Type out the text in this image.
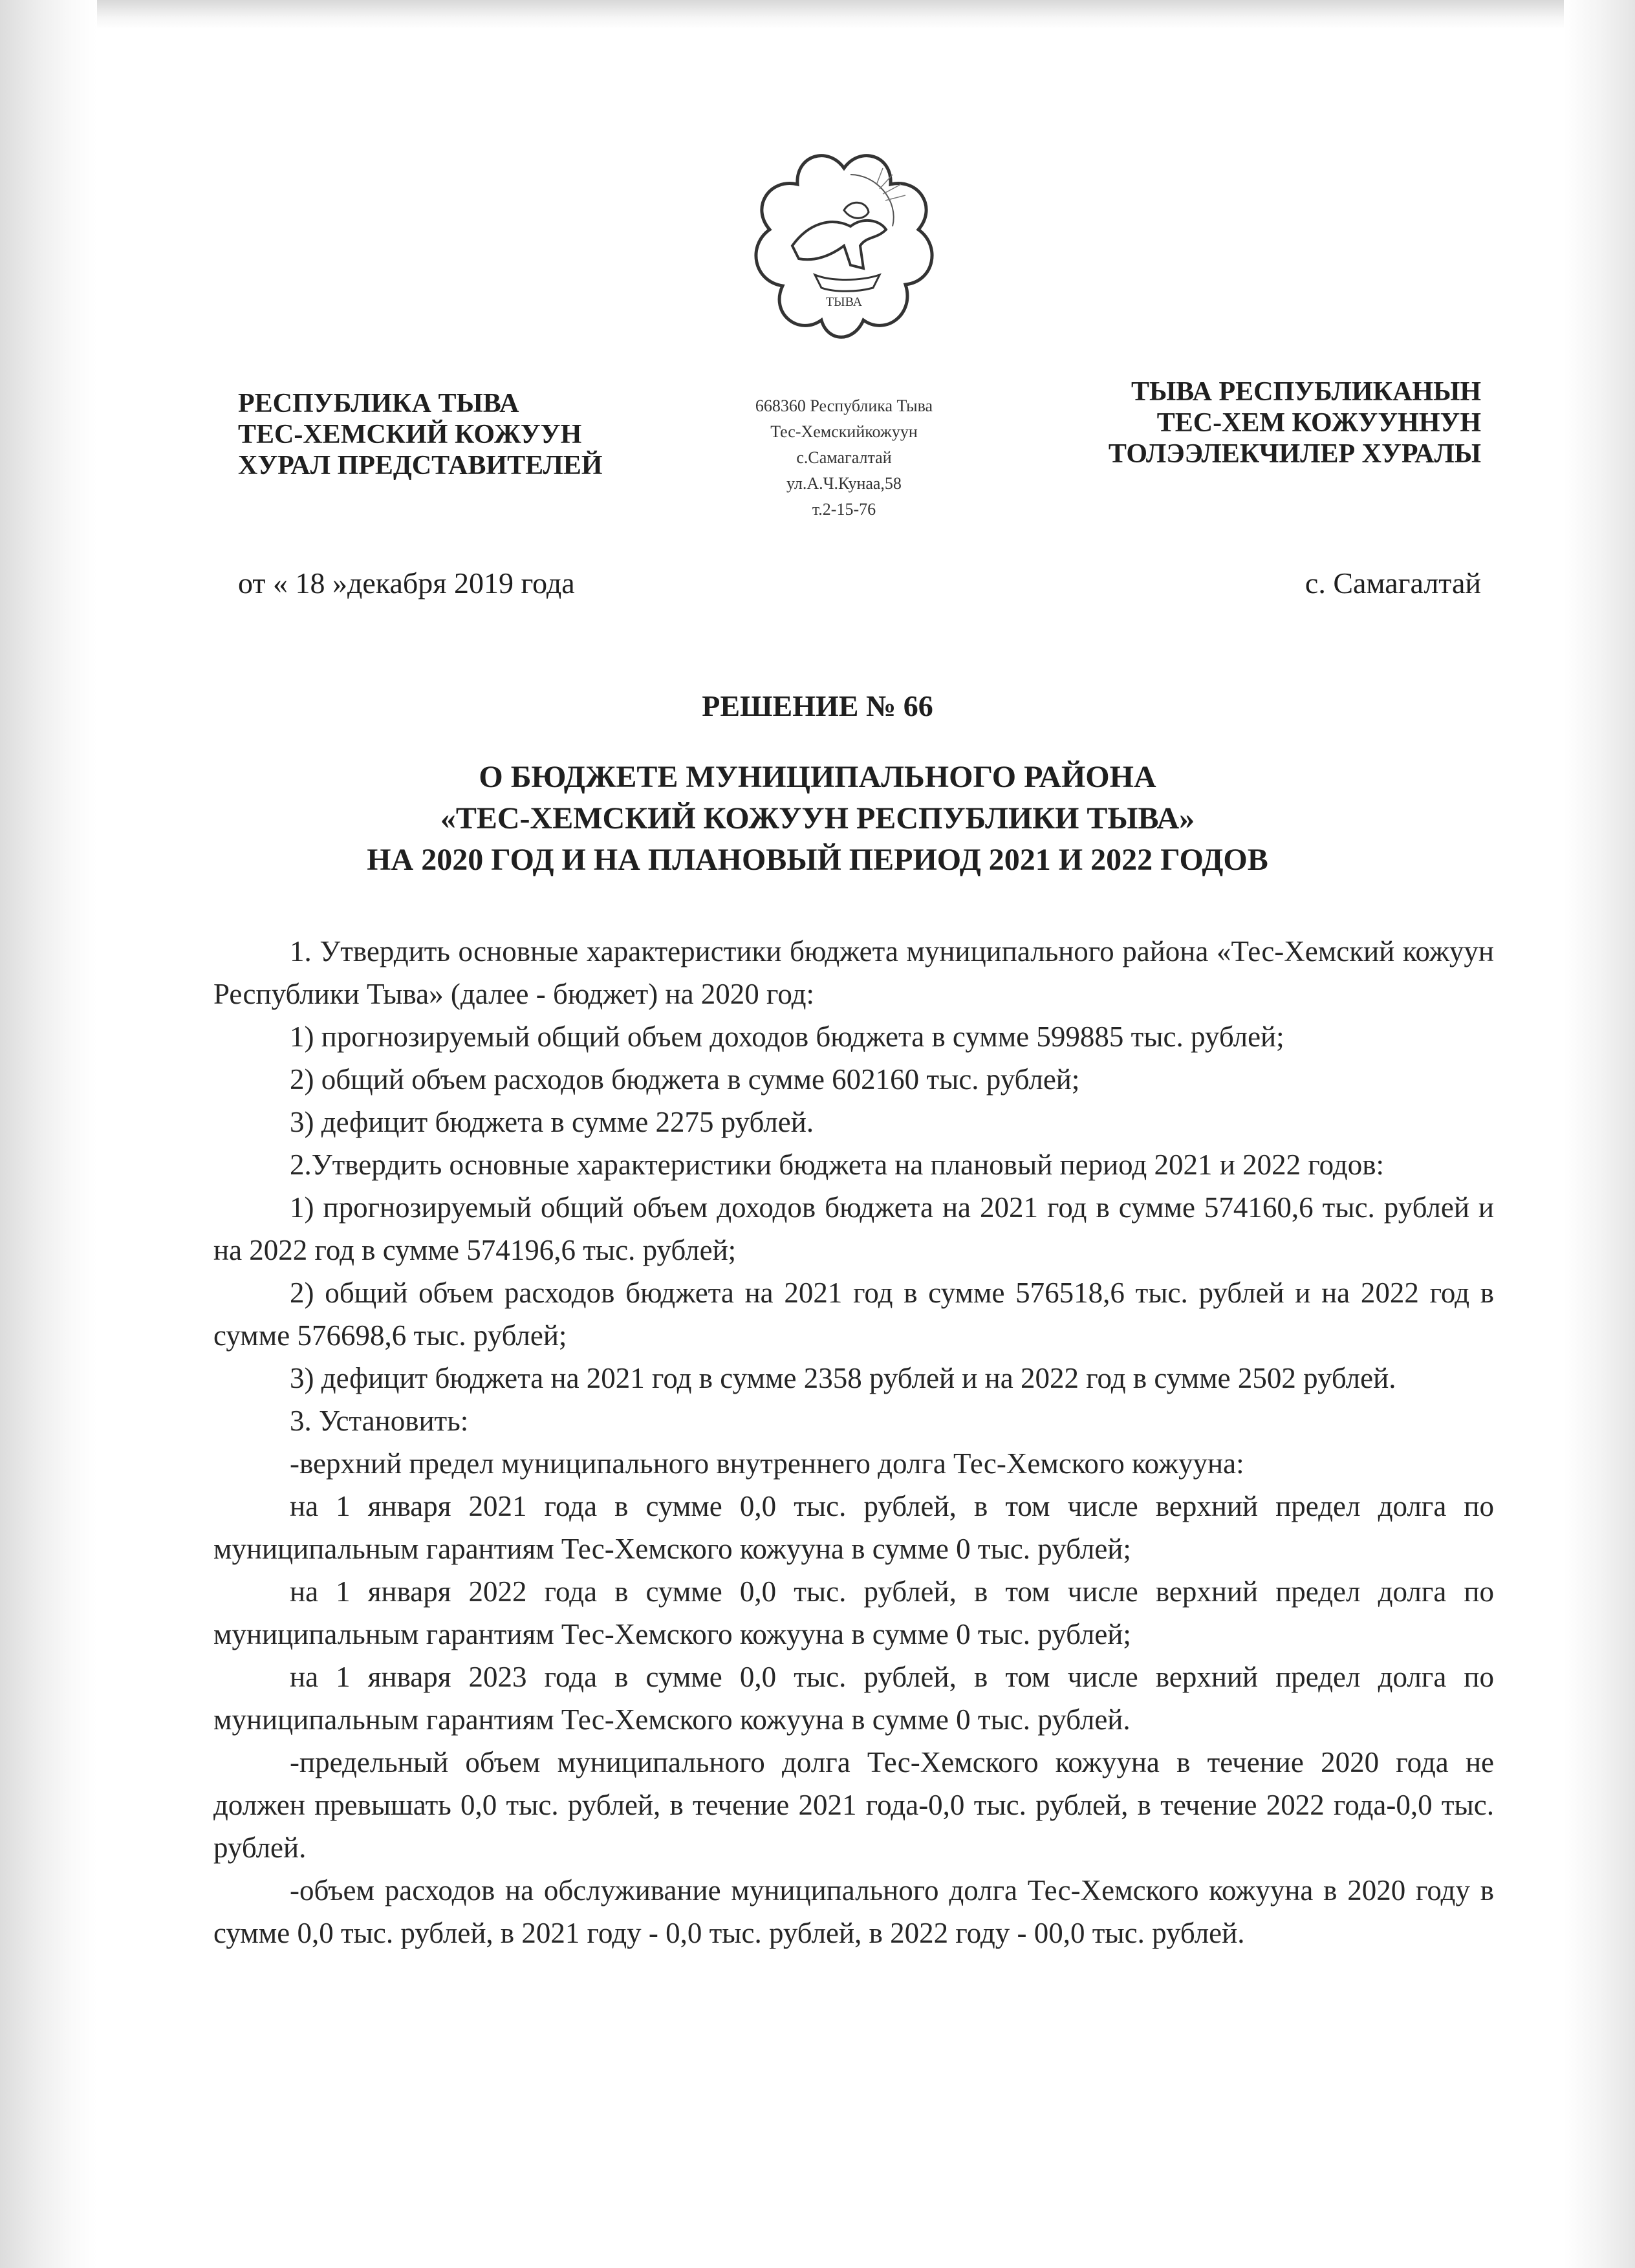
ТЫВА
РЕСПУБЛИКА ТЫВА
ТЕС-ХЕМСКИЙ КОЖУУН
ХУРАЛ ПРЕДСТАВИТЕЛЕЙ
668360 Республика Тыва
Тес-Хемскийкожуун
с.Самагалтай
ул.А.Ч.Кунаа,58
т.2-15-76
ТЫВА РЕСПУБЛИКАНЫН
ТЕС-ХЕМ КОЖУУННУН
ТОЛЭЭЛЕКЧИЛЕР ХУРАЛЫ
от « 18 »декабря 2019 года	с. Самагалтай
РЕШЕНИЕ № 66
О БЮДЖЕТЕ МУНИЦИПАЛЬНОГО РАЙОНА
«ТЕС-ХЕМСКИЙ КОЖУУН РЕСПУБЛИКИ ТЫВА»
НА 2020 ГОД И НА ПЛАНОВЫЙ ПЕРИОД 2021 И 2022 ГОДОВ

1. Утвердить основные характеристики бюджета муниципального района «Тес-Хемский кожуун Республики Тыва» (далее - бюджет) на 2020 год:

1) прогнозируемый общий объем доходов бюджета в сумме 599885 тыс. рублей;

2) общий объем расходов бюджета в сумме 602160 тыс. рублей;

3) дефицит бюджета в сумме 2275 рублей.

2.Утвердить основные характеристики бюджета на плановый период 2021 и 2022 годов:

1) прогнозируемый общий объем доходов бюджета на 2021 год в сумме 574160,6 тыс. рублей и на 2022 год в сумме 574196,6 тыс. рублей;

2) общий объем расходов бюджета на 2021 год в сумме 576518,6 тыс. рублей и на 2022 год в сумме 576698,6 тыс. рублей;

3) дефицит бюджета на 2021 год в сумме 2358 рублей и на 2022 год в сумме 2502 рублей.

3. Установить:

-верхний предел муниципального внутреннего долга Тес-Хемского кожууна:

на 1 января 2021 года в сумме 0,0 тыс. рублей, в том числе верхний предел долга по муниципальным гарантиям Тес-Хемского кожууна в сумме 0 тыс. рублей;

на 1 января 2022 года в сумме 0,0 тыс. рублей, в том числе верхний предел долга по муниципальным гарантиям Тес-Хемского кожууна в сумме 0 тыс. рублей;

на 1 января 2023 года в сумме 0,0 тыс. рублей, в том числе верхний предел долга по муниципальным гарантиям Тес-Хемского кожууна в сумме 0 тыс. рублей.

-предельный объем муниципального долга Тес-Хемского кожууна в течение 2020 года не должен превышать 0,0 тыс. рублей, в течение 2021 года-0,0 тыс. рублей, в течение 2022 года-0,0 тыс. рублей.

-объем расходов на обслуживание муниципального долга Тес-Хемского кожууна в 2020 году в сумме 0,0 тыс. рублей, в 2021 году - 0,0 тыс. рублей, в 2022 году - 00,0 тыс. рублей.
